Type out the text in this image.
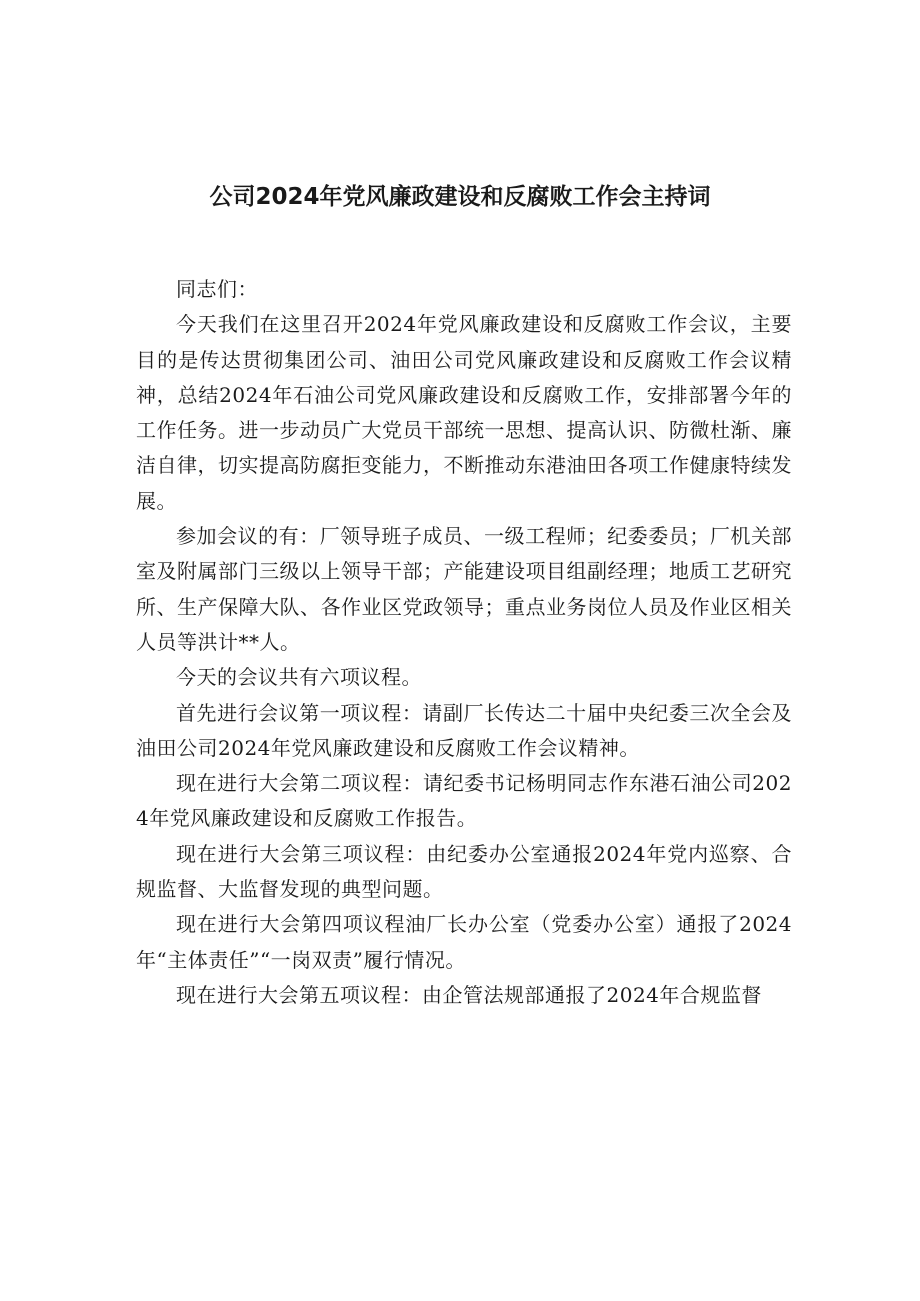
公司2024年党风廉政建设和反腐败工作会主持词

同志们：

今天我们在这里召开2024年党风廉政建设和反腐败工作会议，主要目的是传达贯彻集团公司、油田公司党风廉政建设和反腐败工作会议精神，总结2024年石油公司党风廉政建设和反腐败工作，安排部署今年的工作任务。进一步动员广大党员干部统一思想、提高认识、防微杜渐、廉洁自律，切实提高防腐拒变能力，不断推动东港油田各项工作健康特续发展。

参加会议的有：厂领导班子成员、一级工程师；纪委委员；厂机关部室及附属部门三级以上领导干部；产能建设项目组副经理；地质工艺研究所、生产保障大队、各作业区党政领导；重点业务岗位人员及作业区相关人员等洪计**人。

今天的会议共有六项议程。

首先进行会议第一项议程：请副厂长传达二十届中央纪委三次全会及油田公司2024年党风廉政建设和反腐败工作会议精神。

现在进行大会第二项议程：请纪委书记杨明同志作东港石油公司2024年党风廉政建设和反腐败工作报告。

现在进行大会第三项议程：由纪委办公室通报2024年党内巡察、合规监督、大监督发现的典型问题。

现在进行大会第四项议程油厂长办公室（党委办公室）通报了2024年“主体责任”“一岗双责”履行情况。

现在进行大会第五项议程：由企管法规部通报了2024年合规监督
